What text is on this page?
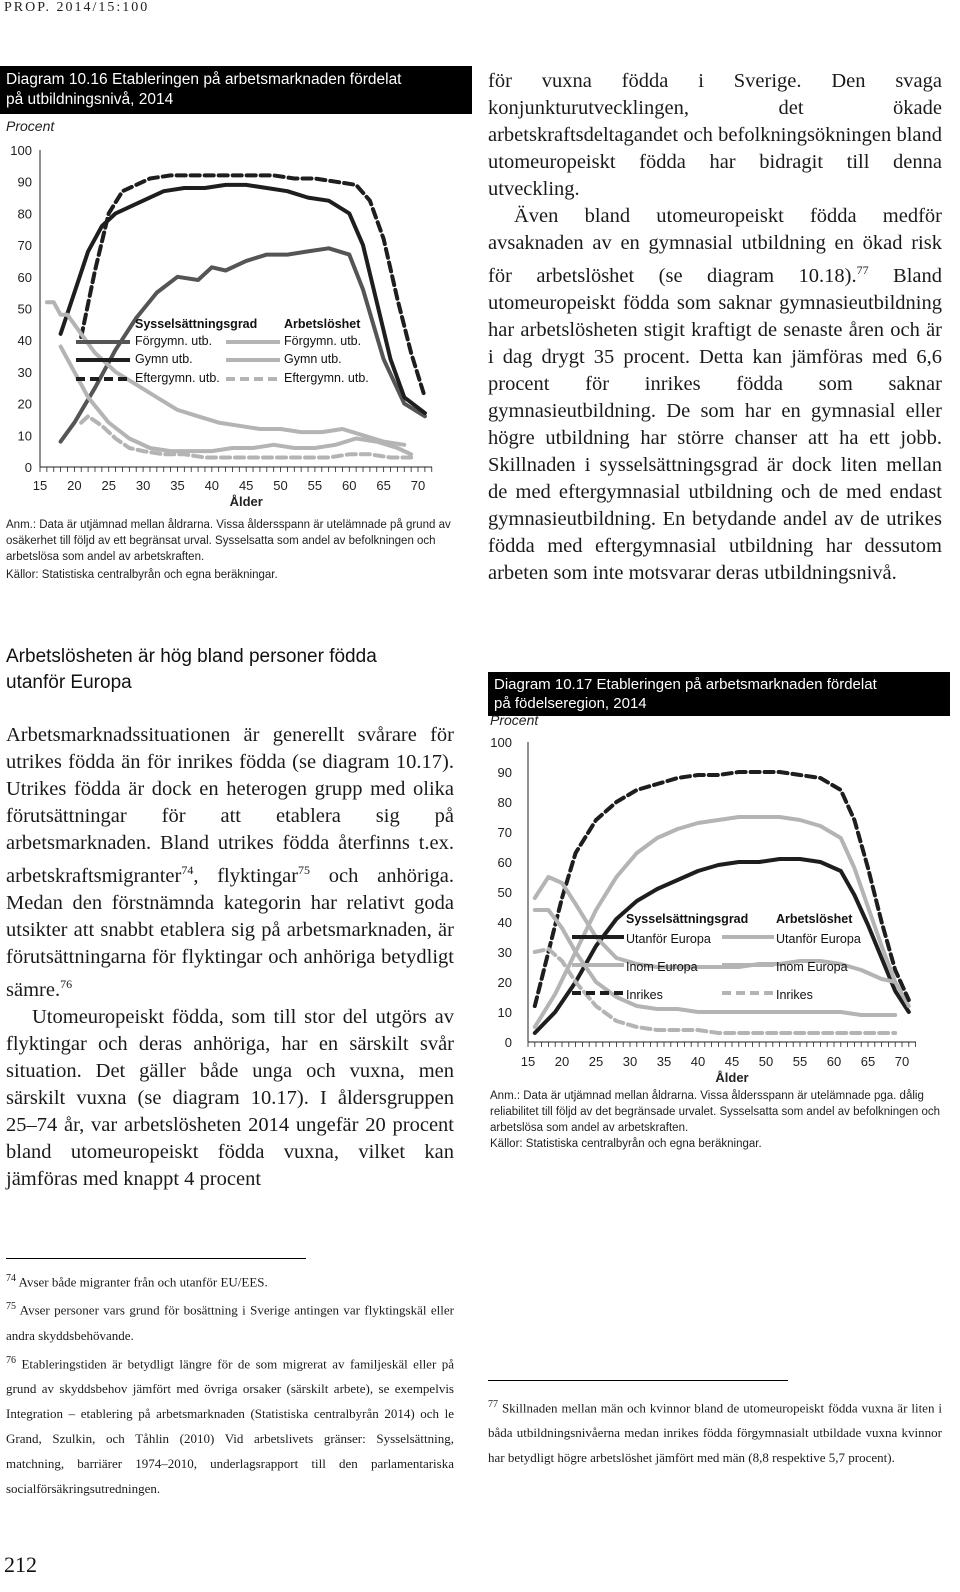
PROP. 2014/15:100
Diagram 10.16 Etableringen på arbetsmarknaden fördelat
på utbildningsnivå, 2014
Procent
100
90
80
70
60
50
40
30
20
10
0
15 20 25 30 35 40 45 50 55 60 65 70
Ålder
Sysselsättningsgrad Arbetslöshet
Förgymn. utb.
Gymn utb.
Eftergymn. utb.
Förgymn. utb.
Gymn utb.
Eftergymn. utb.
Anm.: Data är utjämnad mellan åldrarna. Vissa åldersspann är utelämnade på grund av osäkerhet till följd av ett begränsat urval. Sysselsatta som andel av befolkningen och arbetslösa som andel av arbetskraften.
Källor: Statistiska centralbyrån och egna beräkningar.
Arbetslösheten är hög bland personer födda
utanför Europa

Arbetsmarknadssituationen är generellt svårare för utrikes födda än för inrikes födda (se diagram 10.17). Utrikes födda är dock en heterogen grupp med olika förutsättningar för att etablera sig på arbetsmarknaden. Bland utrikes födda återfinns t.ex. arbetskraftsmigranter$^{74}$, flyktingar$^{75}$ och anhöriga. Medan den förstnämnda kategorin har relativt goda utsikter att snabbt etablera sig på arbetsmarknaden, är förutsättningarna för flyktingar och anhöriga betydligt sämre.$^{76}$

Utomeuropeiskt födda, som till stor del utgörs av flyktingar och deras anhöriga, har en särskilt svår situation. Det gäller både unga och vuxna, men särskilt vuxna (se diagram 10.17). I åldersgruppen 25–74 år, var arbetslösheten 2014 ungefär 20 procent bland utomeuropeiskt födda vuxna, vilket kan jämföras med knappt 4 procent

för vuxna födda i Sverige. Den svaga konjunkturutvecklingen, det ökade arbetskraftsdeltagandet och befolkningsökningen bland utomeuropeiskt födda har bidragit till denna utveckling.

Även bland utomeuropeiskt födda medför avsaknaden av en gymnasial utbildning en ökad risk för arbetslöshet (se diagram 10.18).$^{77}$ Bland utomeuropeiskt födda som saknar gymnasieutbildning har arbetslösheten stigit kraftigt de senaste åren och är i dag drygt 35 procent. Detta kan jämföras med 6,6 procent för inrikes födda som saknar gymnasieutbildning. De som har en gymnasial eller högre utbildning har större chanser att ha ett jobb. Skillnaden i sysselsättningsgrad är dock liten mellan de med eftergymnasial utbildning och de med endast gymnasieutbildning. En betydande andel av de utrikes födda med eftergymnasial utbildning har dessutom arbeten som inte motsvarar deras utbildningsnivå.

Diagram 10.17 Etableringen på arbetsmarknaden fördelat
på födelseregion, 2014
Procent
100
90
80
70
60
50
40
30
20
10
0
15 20 25 30 35 40 45 50 55 60 65 70
Ålder
Sysselsättningsgrad Arbetslöshet
Utanför Europa
Inom Europa
Inrikes
Utanför Europa
Inom Europa
Inrikes
Anm.: Data är utjämnad mellan åldrarna. Vissa åldersspann är utelämnade pga. dålig reliabilitet till följd av det begränsade urvalet. Sysselsatta som andel av befolkningen och arbetslösa som andel av arbetskraften.
Källor: Statistiska centralbyrån och egna beräkningar.
$^{74}$ Avser både migranter från och utanför EU/EES.
$^{75}$ Avser personer vars grund för bosättning i Sverige antingen var flyktingskäl eller andra skyddsbehövande.
$^{76}$ Etableringstiden är betydligt längre för de som migrerat av familjeskäl eller på grund av skyddsbehov jämfört med övriga orsaker (särskilt arbete), se exempelvis Integration – etablering på arbetsmarknaden (Statistiska centralbyrån 2014) och le Grand, Szulkin, och Tåhlin (2010) Vid arbetslivets gränser: Sysselsättning, matchning, barriärer 1974–2010, underlagsrapport till den parlamentariska socialförsäkringsutredningen.
$^{77}$ Skillnaden mellan män och kvinnor bland de utomeuropeiskt födda vuxna är liten i båda utbildningsnivåerna medan inrikes födda förgymnasialt utbildade vuxna kvinnor har betydligt högre arbetslöshet jämfört med män (8,8 respektive 5,7 procent).
212
